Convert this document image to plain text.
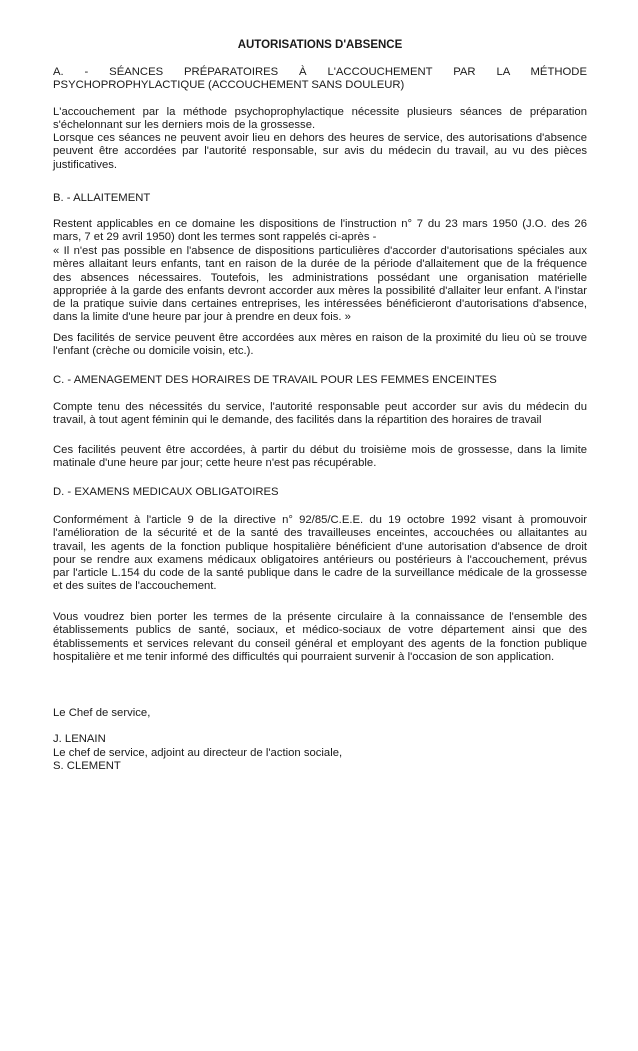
AUTORISATIONS D'ABSENCE
A. - SÉANCES PRÉPARATOIRES À L'ACCOUCHEMENT PAR LA MÉTHODE
PSYCHOPROPHYLACTIQUE (ACCOUCHEMENT SANS DOULEUR)

L'accouchement par la méthode psychoprophylactique nécessite plusieurs séances de préparation s'échelonnant sur les derniers mois de la grossesse.

Lorsque ces séances ne peuvent avoir lieu en dehors des heures de service, des autorisations d'absence peuvent être accordées par l'autorité responsable, sur avis du médecin du travail, au vu des pièces justificatives.

B. - ALLAITEMENT

Restent applicables en ce domaine les dispositions de l'instruction n° 7 du 23 mars 1950 (J.O. des 26 mars, 7 et 29 avril 1950) dont les termes sont rappelés ci-après -

« Il n'est pas possible en l'absence de dispositions particulières d'accorder d'autorisations spéciales aux mères allaitant leurs enfants, tant en raison de la durée de la période d'allaitement que de la fréquence des absences nécessaires. Toutefois, les administrations possédant une organisation matérielle appropriée à la garde des enfants devront accorder aux mères la possibilité d'allaiter leur enfant. A l'instar de la pratique suivie dans certaines entreprises, les intéressées bénéficieront d'autorisations d'absence, dans la limite d'une heure par jour à prendre en deux fois. »

Des facilités de service peuvent être accordées aux mères en raison de la proximité du lieu où se trouve l'enfant (crèche ou domicile voisin, etc.).

C. - AMENAGEMENT DES HORAIRES DE TRAVAIL POUR LES FEMMES ENCEINTES

Compte tenu des nécessités du service, l'autorité responsable peut accorder sur avis du médecin du travail, à tout agent féminin qui le demande, des facilités dans la répartition des horaires de travail

Ces facilités peuvent être accordées, à partir du début du troisième mois de grossesse, dans la limite matinale d'une heure par jour; cette heure n'est pas récupérable.

D. - EXAMENS MEDICAUX OBLIGATOIRES

Conformément à l'article 9 de la directive n° 92/85/C.E.E. du 19 octobre 1992 visant à promouvoir l'amélioration de la sécurité et de la santé des travailleuses enceintes, accouchées ou allaitantes au travail, les agents de la fonction publique hospitalière bénéficient d'une autorisation d'absence de droit pour se rendre aux examens médicaux obligatoires antérieurs ou postérieurs à l'accouchement, prévus par l'article L.154 du code de la santé publique dans le cadre de la surveillance médicale de la grossesse et des suites de l'accouchement.

Vous voudrez bien porter les termes de la présente circulaire à la connaissance de l'ensemble des établissements publics de santé, sociaux, et médico-sociaux de votre département ainsi que des établissements et services relevant du conseil général et employant des agents de la fonction publique hospitalière et me tenir informé des difficultés qui pourraient survenir à l'occasion de son application.

Le Chef de service,
J. LENAIN
Le chef de service, adjoint au directeur de l'action sociale,
S. CLEMENT
